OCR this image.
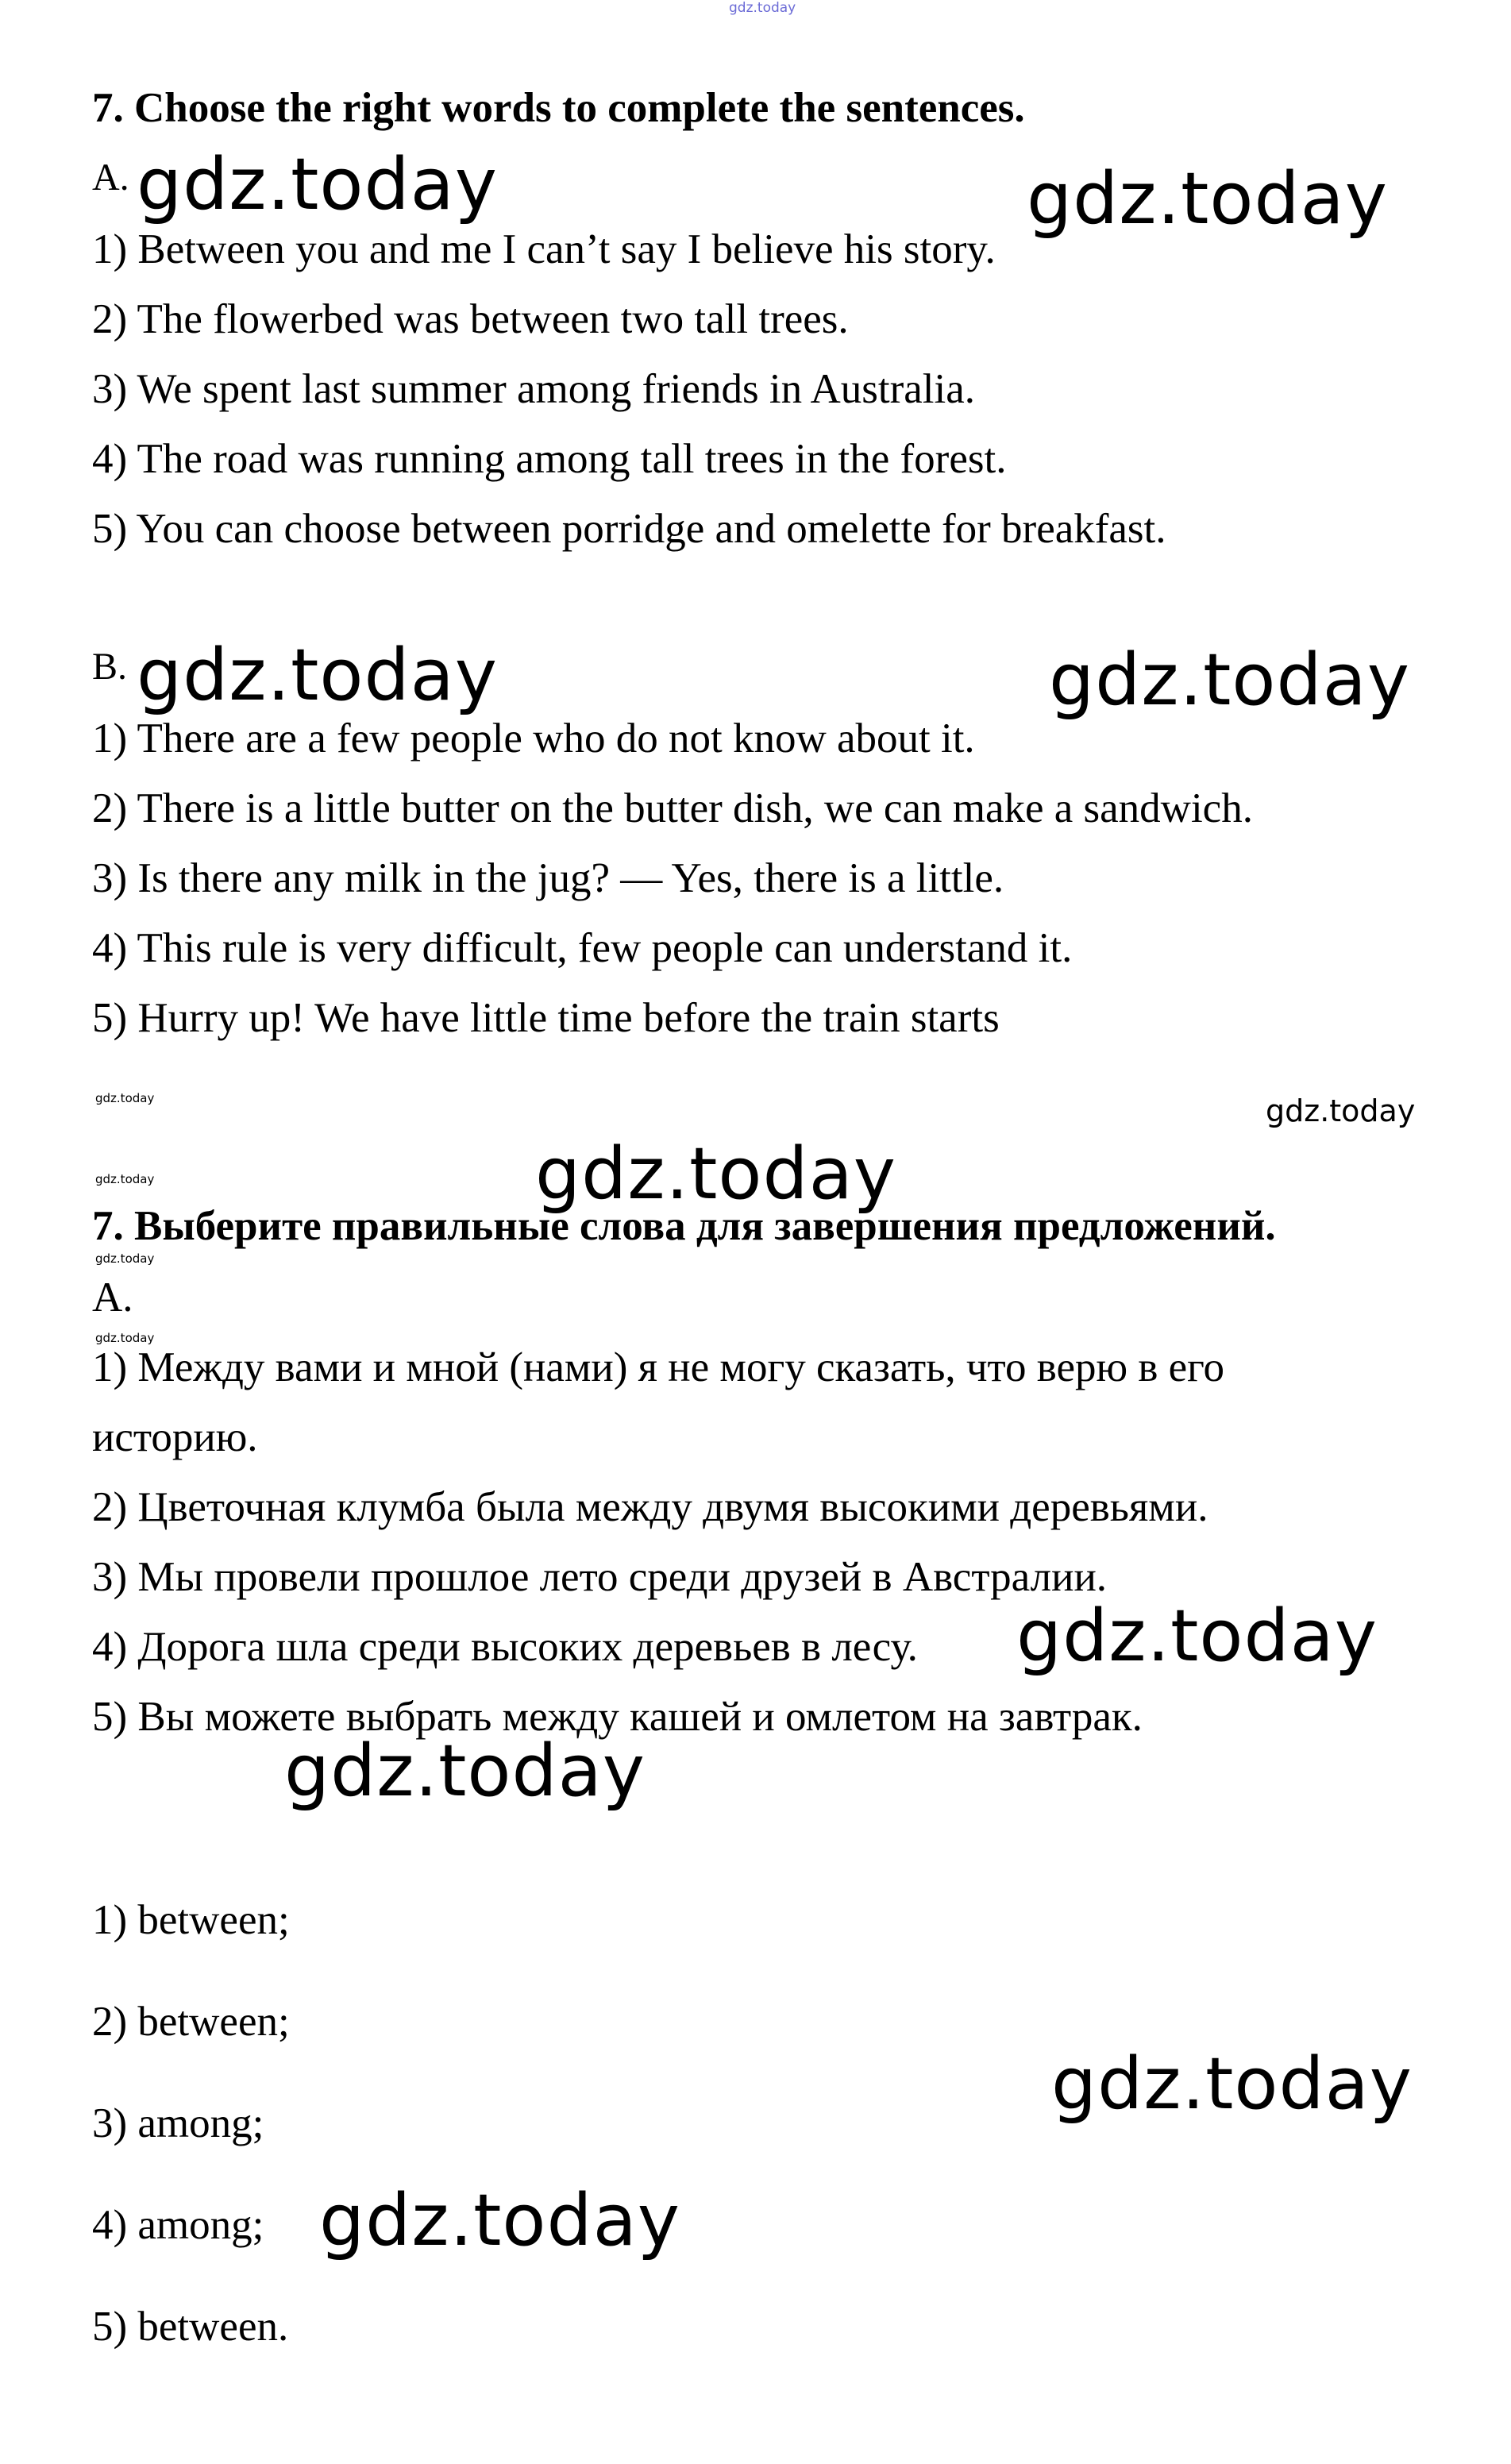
gdz.today
7. Choose the right words to complete the sentences.
A. gdz.today	gdz.today
1) Between you and me I can’t say I believe his story.
2) The flowerbed was between two tall trees.
3) We spent last summer among friends in Australia.
4) The road was running among tall trees in the forest.
5) You can choose between porridge and omelette for breakfast.
B. gdz.today	gdz.today
1) There are a few people who do not know about it.
2) There is a little butter on the butter dish, we can make a sandwich.
3) Is there any milk in the jug? — Yes, there is a little.
4) This rule is very difficult, few people can understand it.
5) Hurry up! We have little time before the train starts
gdz.today	gdz.today
gdz.today
gdz.today
7. Выберите правильные слова для завершения предложений.
gdz.today
A.
gdz.today
1) Между вами и мной (нами) я не могу сказать, что верю в его
историю.
2) Цветочная клумба была между двумя высокими деревьями.
3) Мы провели прошлое лето среди друзей в Австралии.
4) Дорога шла среди высоких деревьев в лесу. gdz.today
5) Вы можете выбрать между кашей и омлетом на завтрак.
gdz.today
1) between;
2) between;
gdz.today
3) among;
4) among; gdz.today
5) between.
